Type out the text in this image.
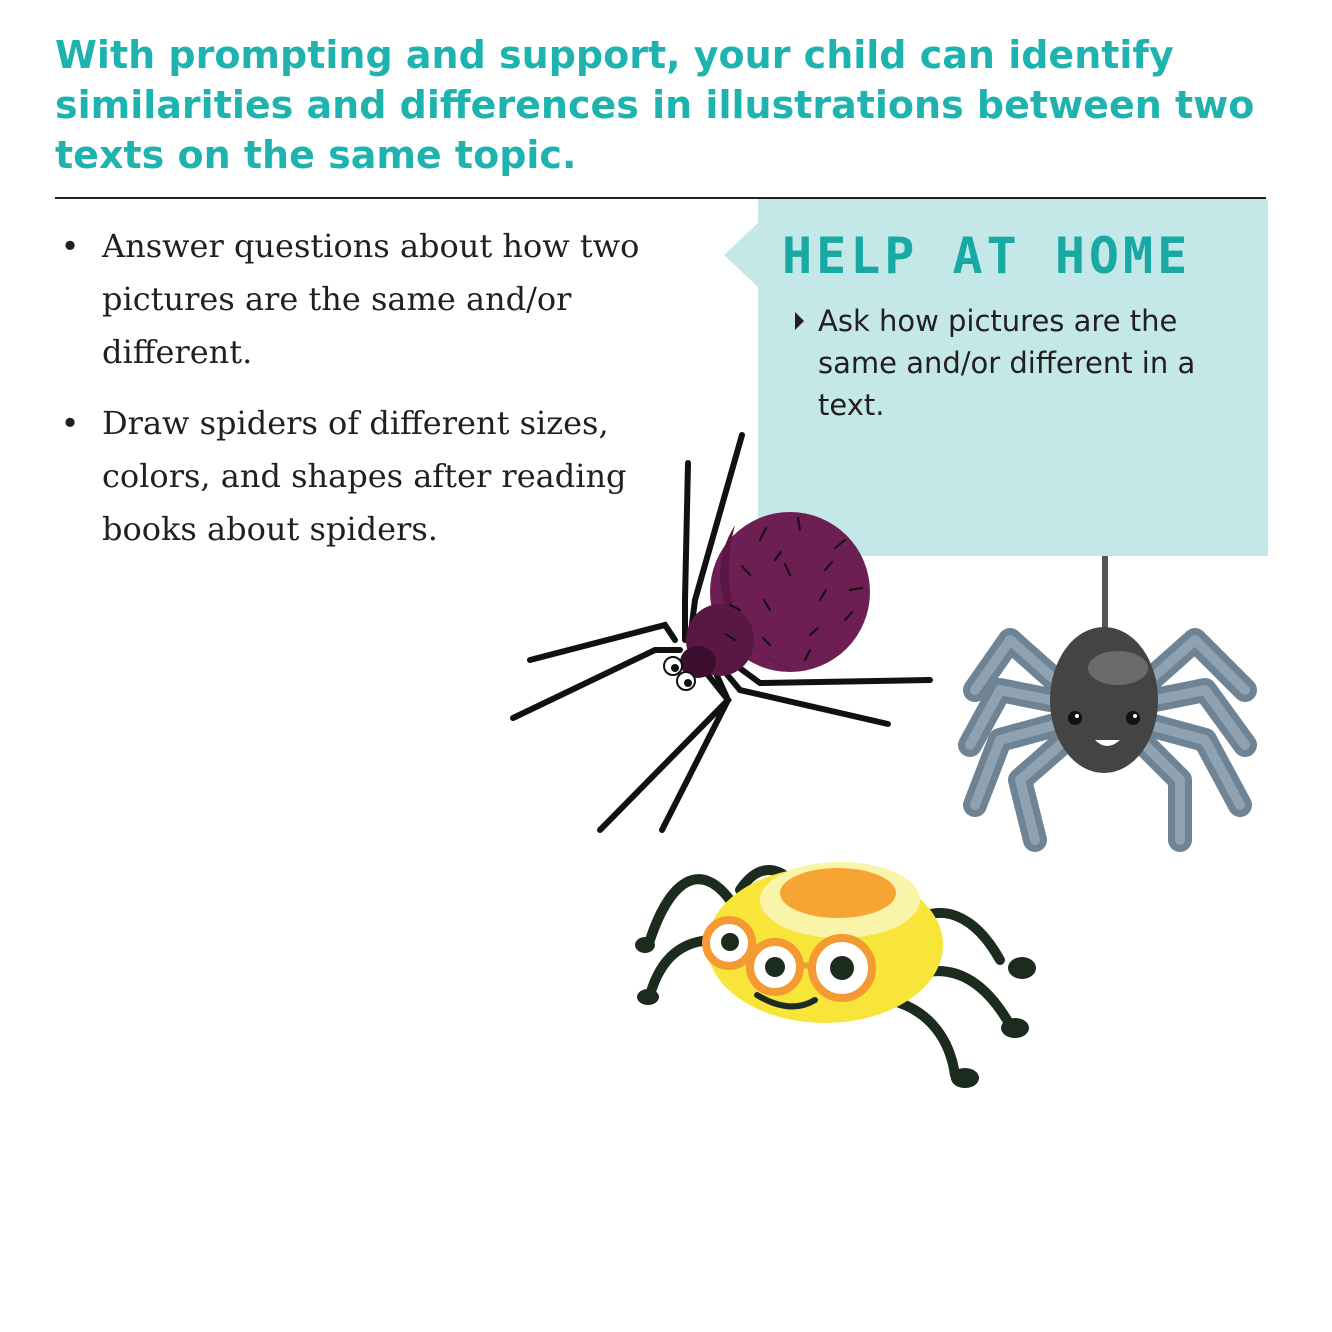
With prompting and support, your child can identify similarities and differences in illustrations between two texts on the same topic.
• Answer questions about how two pictures are the same and/or different.
• Draw spiders of different sizes, colors, and shapes after reading books about spiders.
HELP AT HOME
Ask how pictures are the same and/or different in a text.
